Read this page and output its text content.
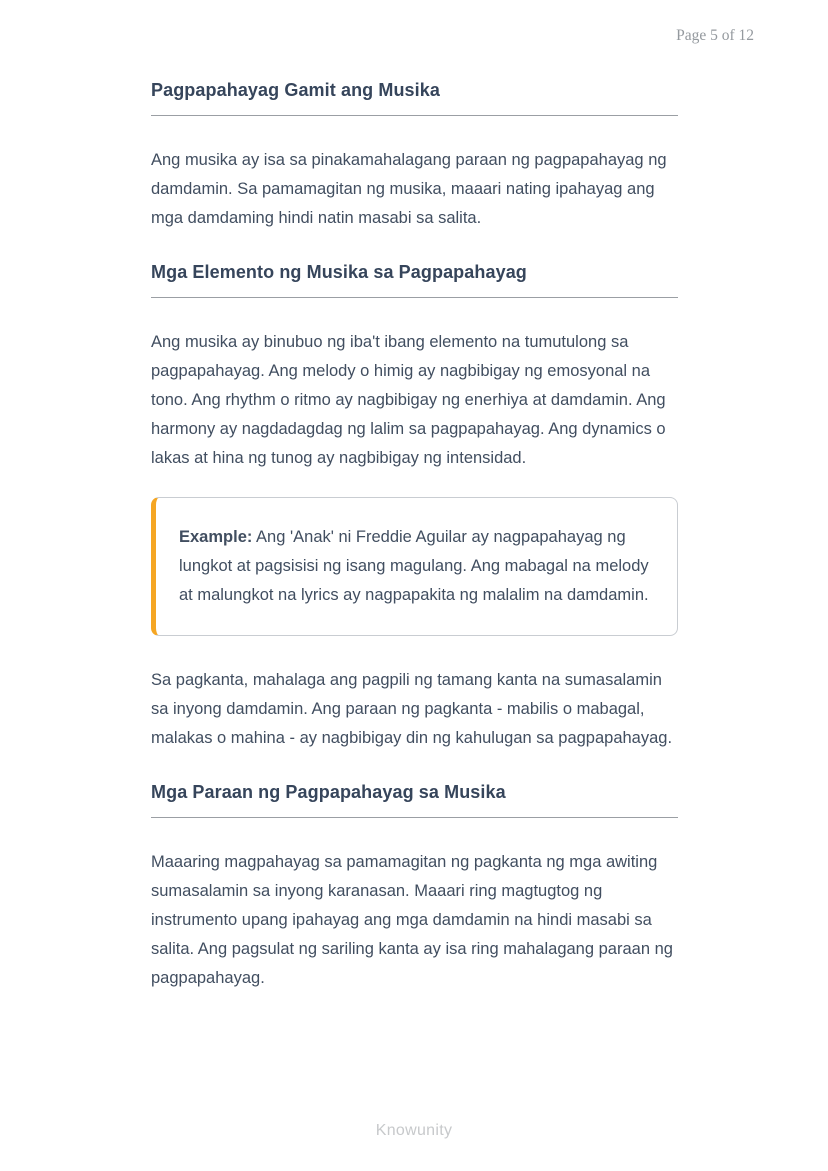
Page 5 of 12
Pagpapahayag Gamit ang Musika

Ang musika ay isa sa pinakamahalagang paraan ng pagpapahayag ng damdamin. Sa pamamagitan ng musika, maaari nating ipahayag ang mga damdaming hindi natin masabi sa salita.

Mga Elemento ng Musika sa Pagpapahayag

Ang musika ay binubuo ng iba't ibang elemento na tumutulong sa pagpapahayag. Ang melody o himig ay nagbibigay ng emosyonal na tono. Ang rhythm o ritmo ay nagbibigay ng enerhiya at damdamin. Ang harmony ay nagdadagdag ng lalim sa pagpapahayag. Ang dynamics o lakas at hina ng tunog ay nagbibigay ng intensidad.

Example: Ang 'Anak' ni Freddie Aguilar ay nagpapahayag ng lungkot at pagsisisi ng isang magulang. Ang mabagal na melody at malungkot na lyrics ay nagpapakita ng malalim na damdamin.

Sa pagkanta, mahalaga ang pagpili ng tamang kanta na sumasalamin sa inyong damdamin. Ang paraan ng pagkanta - mabilis o mabagal, malakas o mahina - ay nagbibigay din ng kahulugan sa pagpapahayag.

Mga Paraan ng Pagpapahayag sa Musika

Maaaring magpahayag sa pamamagitan ng pagkanta ng mga awiting sumasalamin sa inyong karanasan. Maaari ring magtugtog ng instrumento upang ipahayag ang mga damdamin na hindi masabi sa salita. Ang pagsulat ng sariling kanta ay isa ring mahalagang paraan ng pagpapahayag.

Knowunity
